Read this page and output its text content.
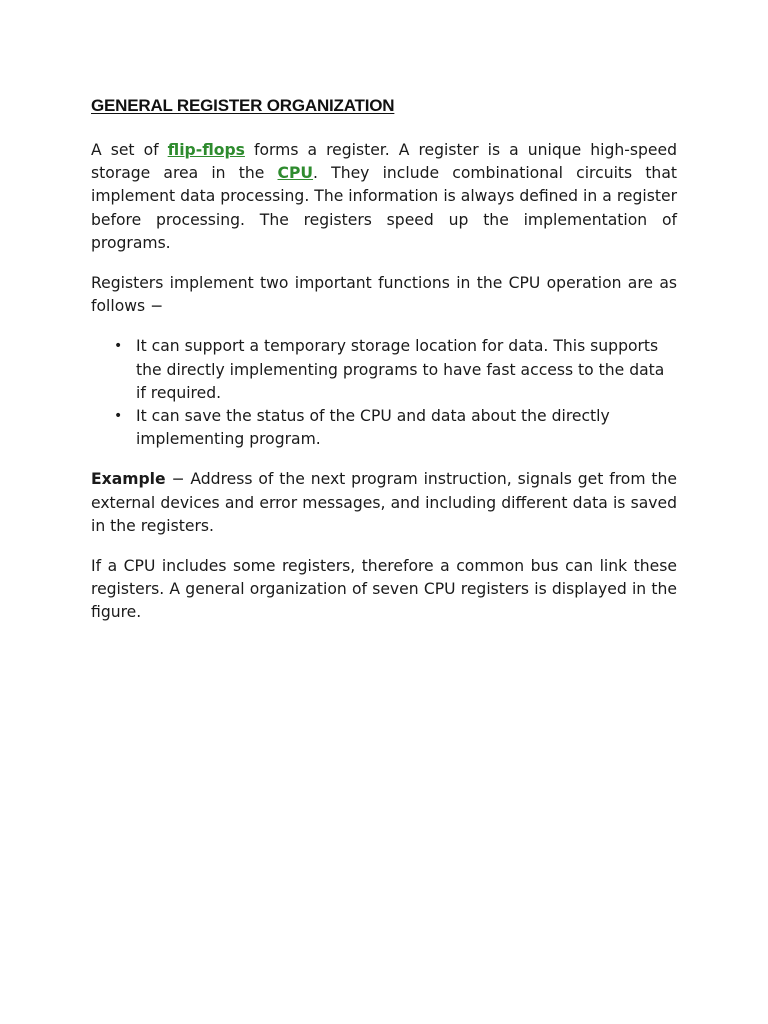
GENERAL REGISTER ORGANIZATION

A set of flip-flops forms a register. A register is a unique high-speed storage area in the CPU. They include combinational circuits that implement data processing. The information is always defined in a register before processing. The registers speed up the implementation of programs.

Registers implement two important functions in the CPU operation are as follows −

• It can support a temporary storage location for data. This supports the directly implementing programs to have fast access to the data if required.
• It can save the status of the CPU and data about the directly implementing program.

Example − Address of the next program instruction, signals get from the external devices and error messages, and including different data is saved in the registers.

If a CPU includes some registers, therefore a common bus can link these registers. A general organization of seven CPU registers is displayed in the figure.
